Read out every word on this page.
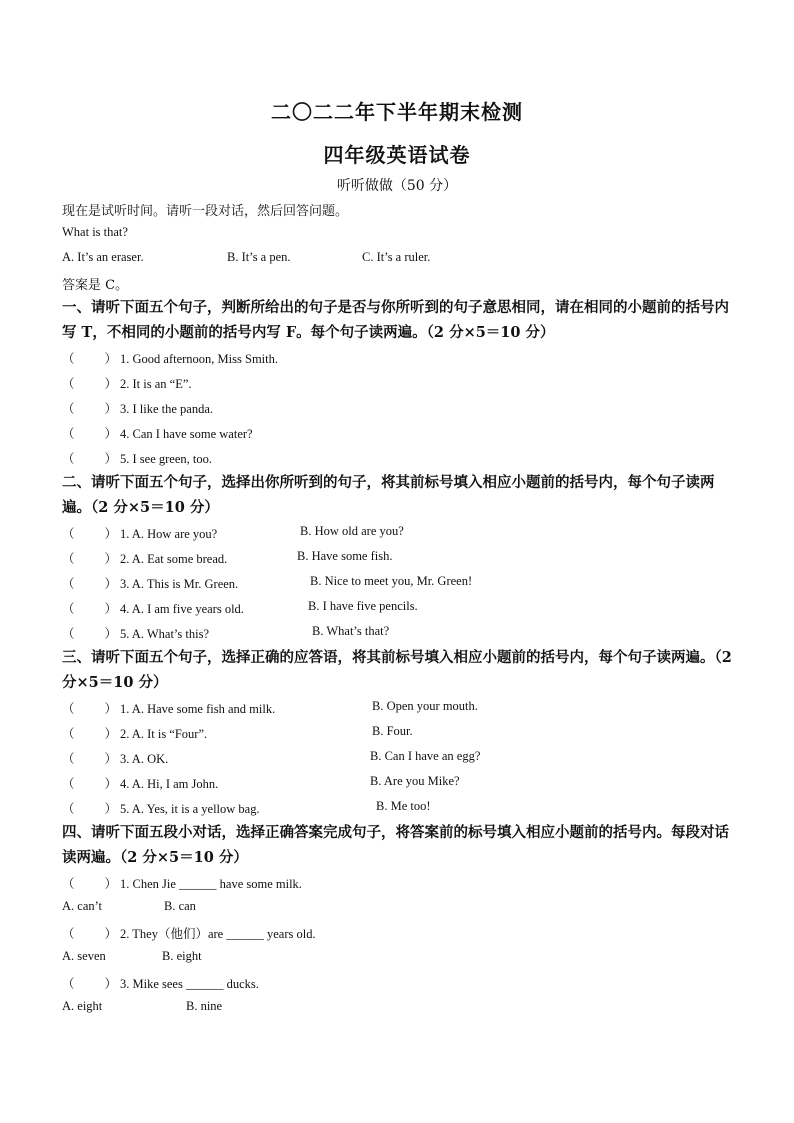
二〇二二年下半年期末检测
四年级英语试卷
听听做做（50 分）
现在是试听时间。请听一段对话，然后回答问题。
What is that?
A. It’s an eraser.	B. It’s a pen.	C. It’s a ruler.
答案是 C。
一、请听下面五个句子，判断所给出的句子是否与你所听到的句子意思相同，请在相同的小题前的括号内写 T，不相同的小题前的括号内写 F。每个句子读两遍。（2 分×5＝10 分）
（ ） 1. Good afternoon, Miss Smith.
（ ） 2. It is an “E”.
（ ） 3. I like the panda.
（ ） 4. Can I have some water?
（ ） 5. I see green, too.
二、请听下面五个句子，选择出你所听到的句子，将其前标号填入相应小题前的括号内，每个句子读两遍。（2 分×5＝10 分）
（ ） 1. A. How are you?	B. How old are you?
（ ） 2. A. Eat some bread.	B. Have some fish.
（ ） 3. A. This is Mr. Green.	B. Nice to meet you, Mr. Green!
（ ） 4. A. I am five years old.	B. I have five pencils.
（ ） 5. A. What’s this?	B. What’s that?
三、请听下面五个句子，选择正确的应答语，将其前标号填入相应小题前的括号内，每个句子读两遍。（2 分×5＝10 分）
（ ） 1. A. Have some fish and milk.	B. Open your mouth.
（ ） 2. A. It is “Four”.	B. Four.
（ ） 3. A. OK.	B. Can I have an egg?
（ ） 4. A. Hi, I am John.	B. Are you Mike?
（ ） 5. A. Yes, it is a yellow bag.	B. Me too!
四、请听下面五段小对话，选择正确答案完成句子，将答案前的标号填入相应小题前的括号内。每段对话读两遍。（2 分×5＝10 分）
（ ） 1. Chen Jie ______ have some milk.
A. can’t	B. can
（ ） 2. They（他们）are ______ years old.
A. seven	B. eight
（ ） 3. Mike sees ______ ducks.
A. eight	B. nine
